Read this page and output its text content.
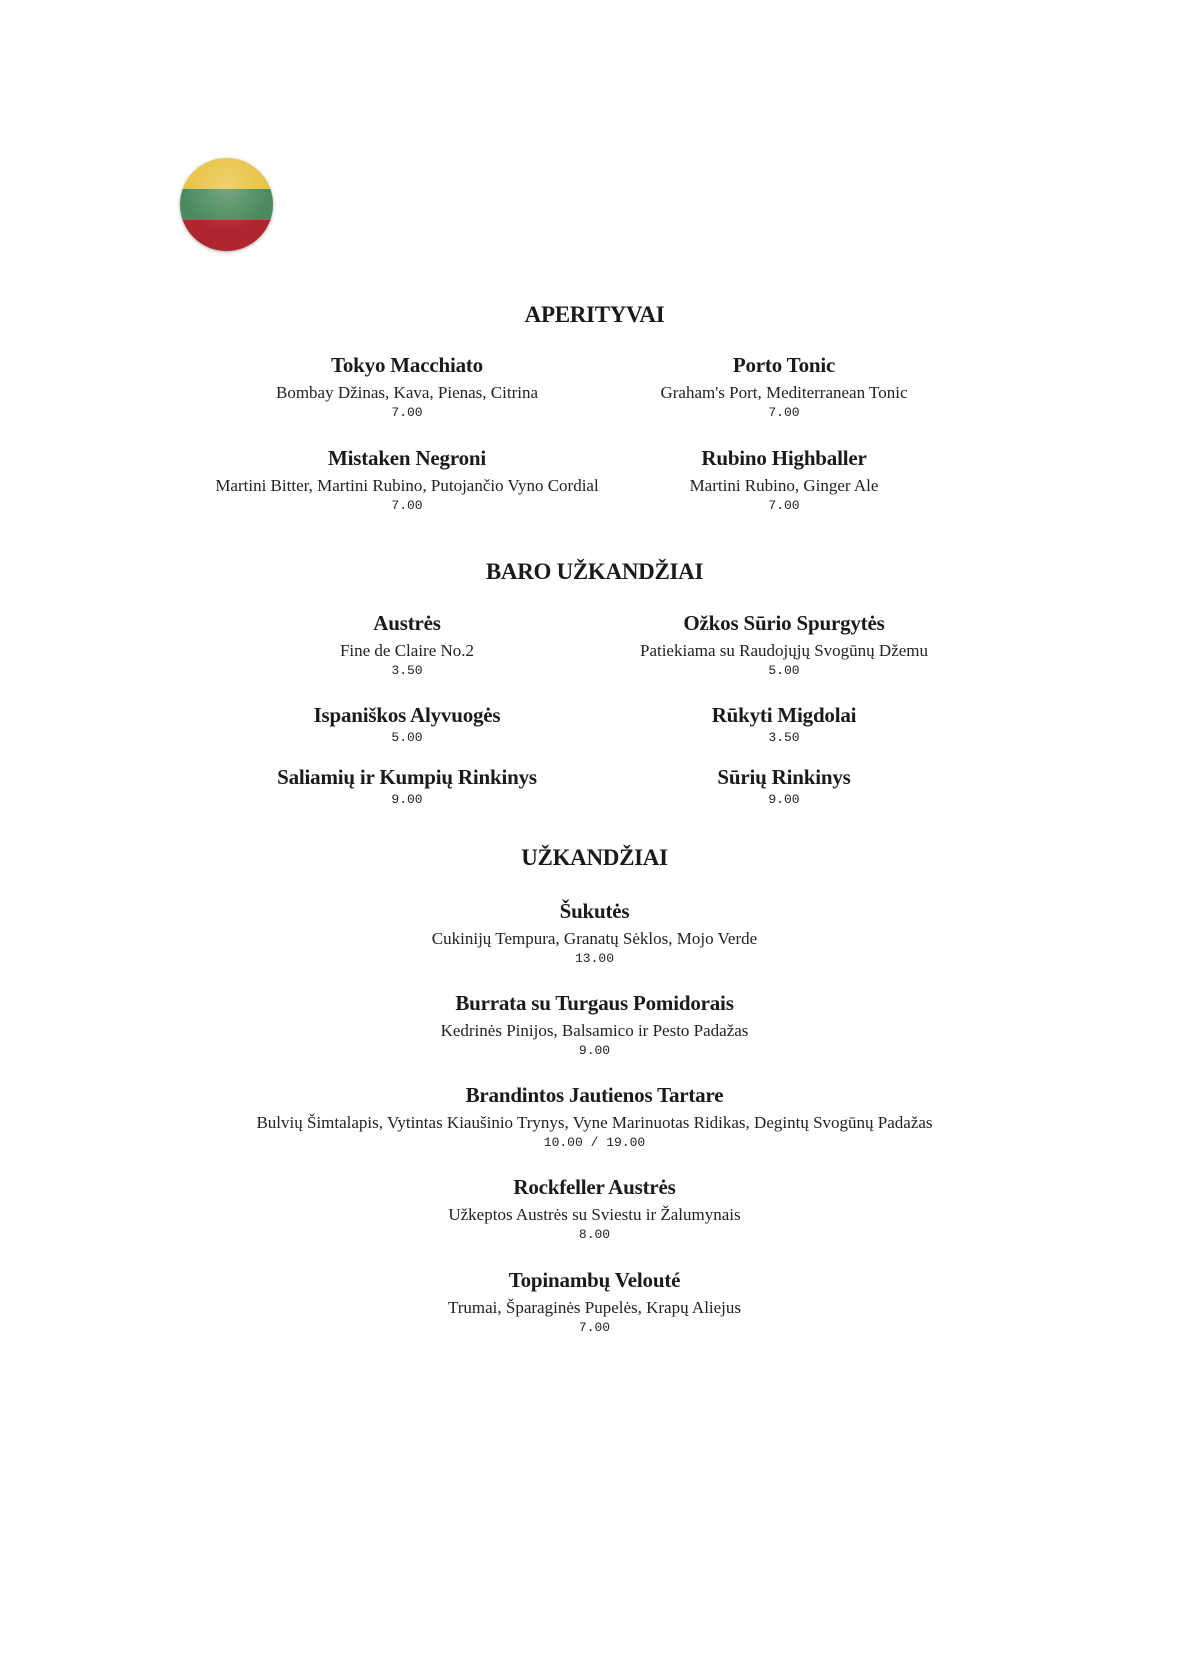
APERITYVAI
Tokyo Macchiato
Bombay Džinas, Kava, Pienas, Citrina
7.00
Porto Tonic
Graham's Port, Mediterranean Tonic
7.00
Mistaken Negroni
Martini Bitter, Martini Rubino, Putojančio Vyno Cordial
7.00
Rubino Highballer
Martini Rubino, Ginger Ale
7.00
BARO UŽKANDŽIAI
Austrės
Fine de Claire No.2
3.50
Ožkos Sūrio Spurgytės
Patiekiama su Raudojųjų Svogūnų Džemu
5.00
Ispaniškos Alyvuogės
5.00
Rūkyti Migdolai
3.50
Saliamių ir Kumpių Rinkinys
9.00
Sūrių Rinkinys
9.00
UŽKANDŽIAI
Šukutės
Cukinijų Tempura, Granatų Sėklos, Mojo Verde
13.00
Burrata su Turgaus Pomidorais
Kedrinės Pinijos, Balsamico ir Pesto Padažas
9.00
Brandintos Jautienos Tartare
Bulvių Šimtalapis, Vytintas Kiaušinio Trynys, Vyne Marinuotas Ridikas, Degintų Svogūnų Padažas
10.00 / 19.00
Rockfeller Austrės
Užkeptos Austrės su Sviestu ir Žalumynais
8.00
Topinambų Velouté
Trumai, Šparaginės Pupelės, Krapų Aliejus
7.00
